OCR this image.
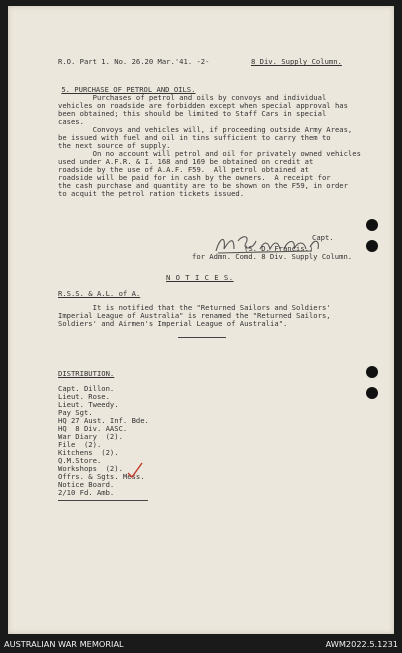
R.O. Part 1. No. 26.20 Mar.'41. -2-	8 Div. Supply Column.

5. PURCHASE OF PETROL AND OILS.

Purchases of petrol and oils by convoys and individual
vehicles on roadside are forbidden except when special approval has
been obtained; this should be limited to Staff Cars in special
cases.
Convoys and vehicles will, if proceeding outside Army Areas,
be issued with fuel and oil in tins sufficient to carry them to
the next source of supply.
On no account will petrol and oil for privately owned vehicles
used under A.F.R. & I. 168 and 169 be obtained on credit at
roadside by the use of A.A.F. F59.  All petrol obtained at
roadside will be paid for in cash by the owners.  A receipt for
the cash purchase and quantity are to be shown on the F59, in order
to acquit the petrol ration tickets issued.
Capt.
(S. D. Francis.)
for Admn. Comd. 8 Div. Supply Column.
N O T I C E S.
R.S.S. & A.L. of A.
It is notified that the "Returned Sailors and Soldiers'
Imperial League of Australia" is renamed the "Returned Sailors,
Soldiers' and Airmen's Imperial League of Australia".
DISTRIBUTION.
Capt. Dillon.
Lieut. Rose.
Lieut. Tweedy.
Pay Sgt.
HQ 27 Aust. Inf. Bde.
HQ  8 Div. AASC.
War Diary  (2).
File  (2).
Kitchens  (2).
Q.M.Store.
Workshops  (2).
Offrs. & Sgts. Mess.
Notice Board.
2/10 Fd. Amb.
AUSTRALIAN WAR MEMORIAL	AWM2022.5.1231
